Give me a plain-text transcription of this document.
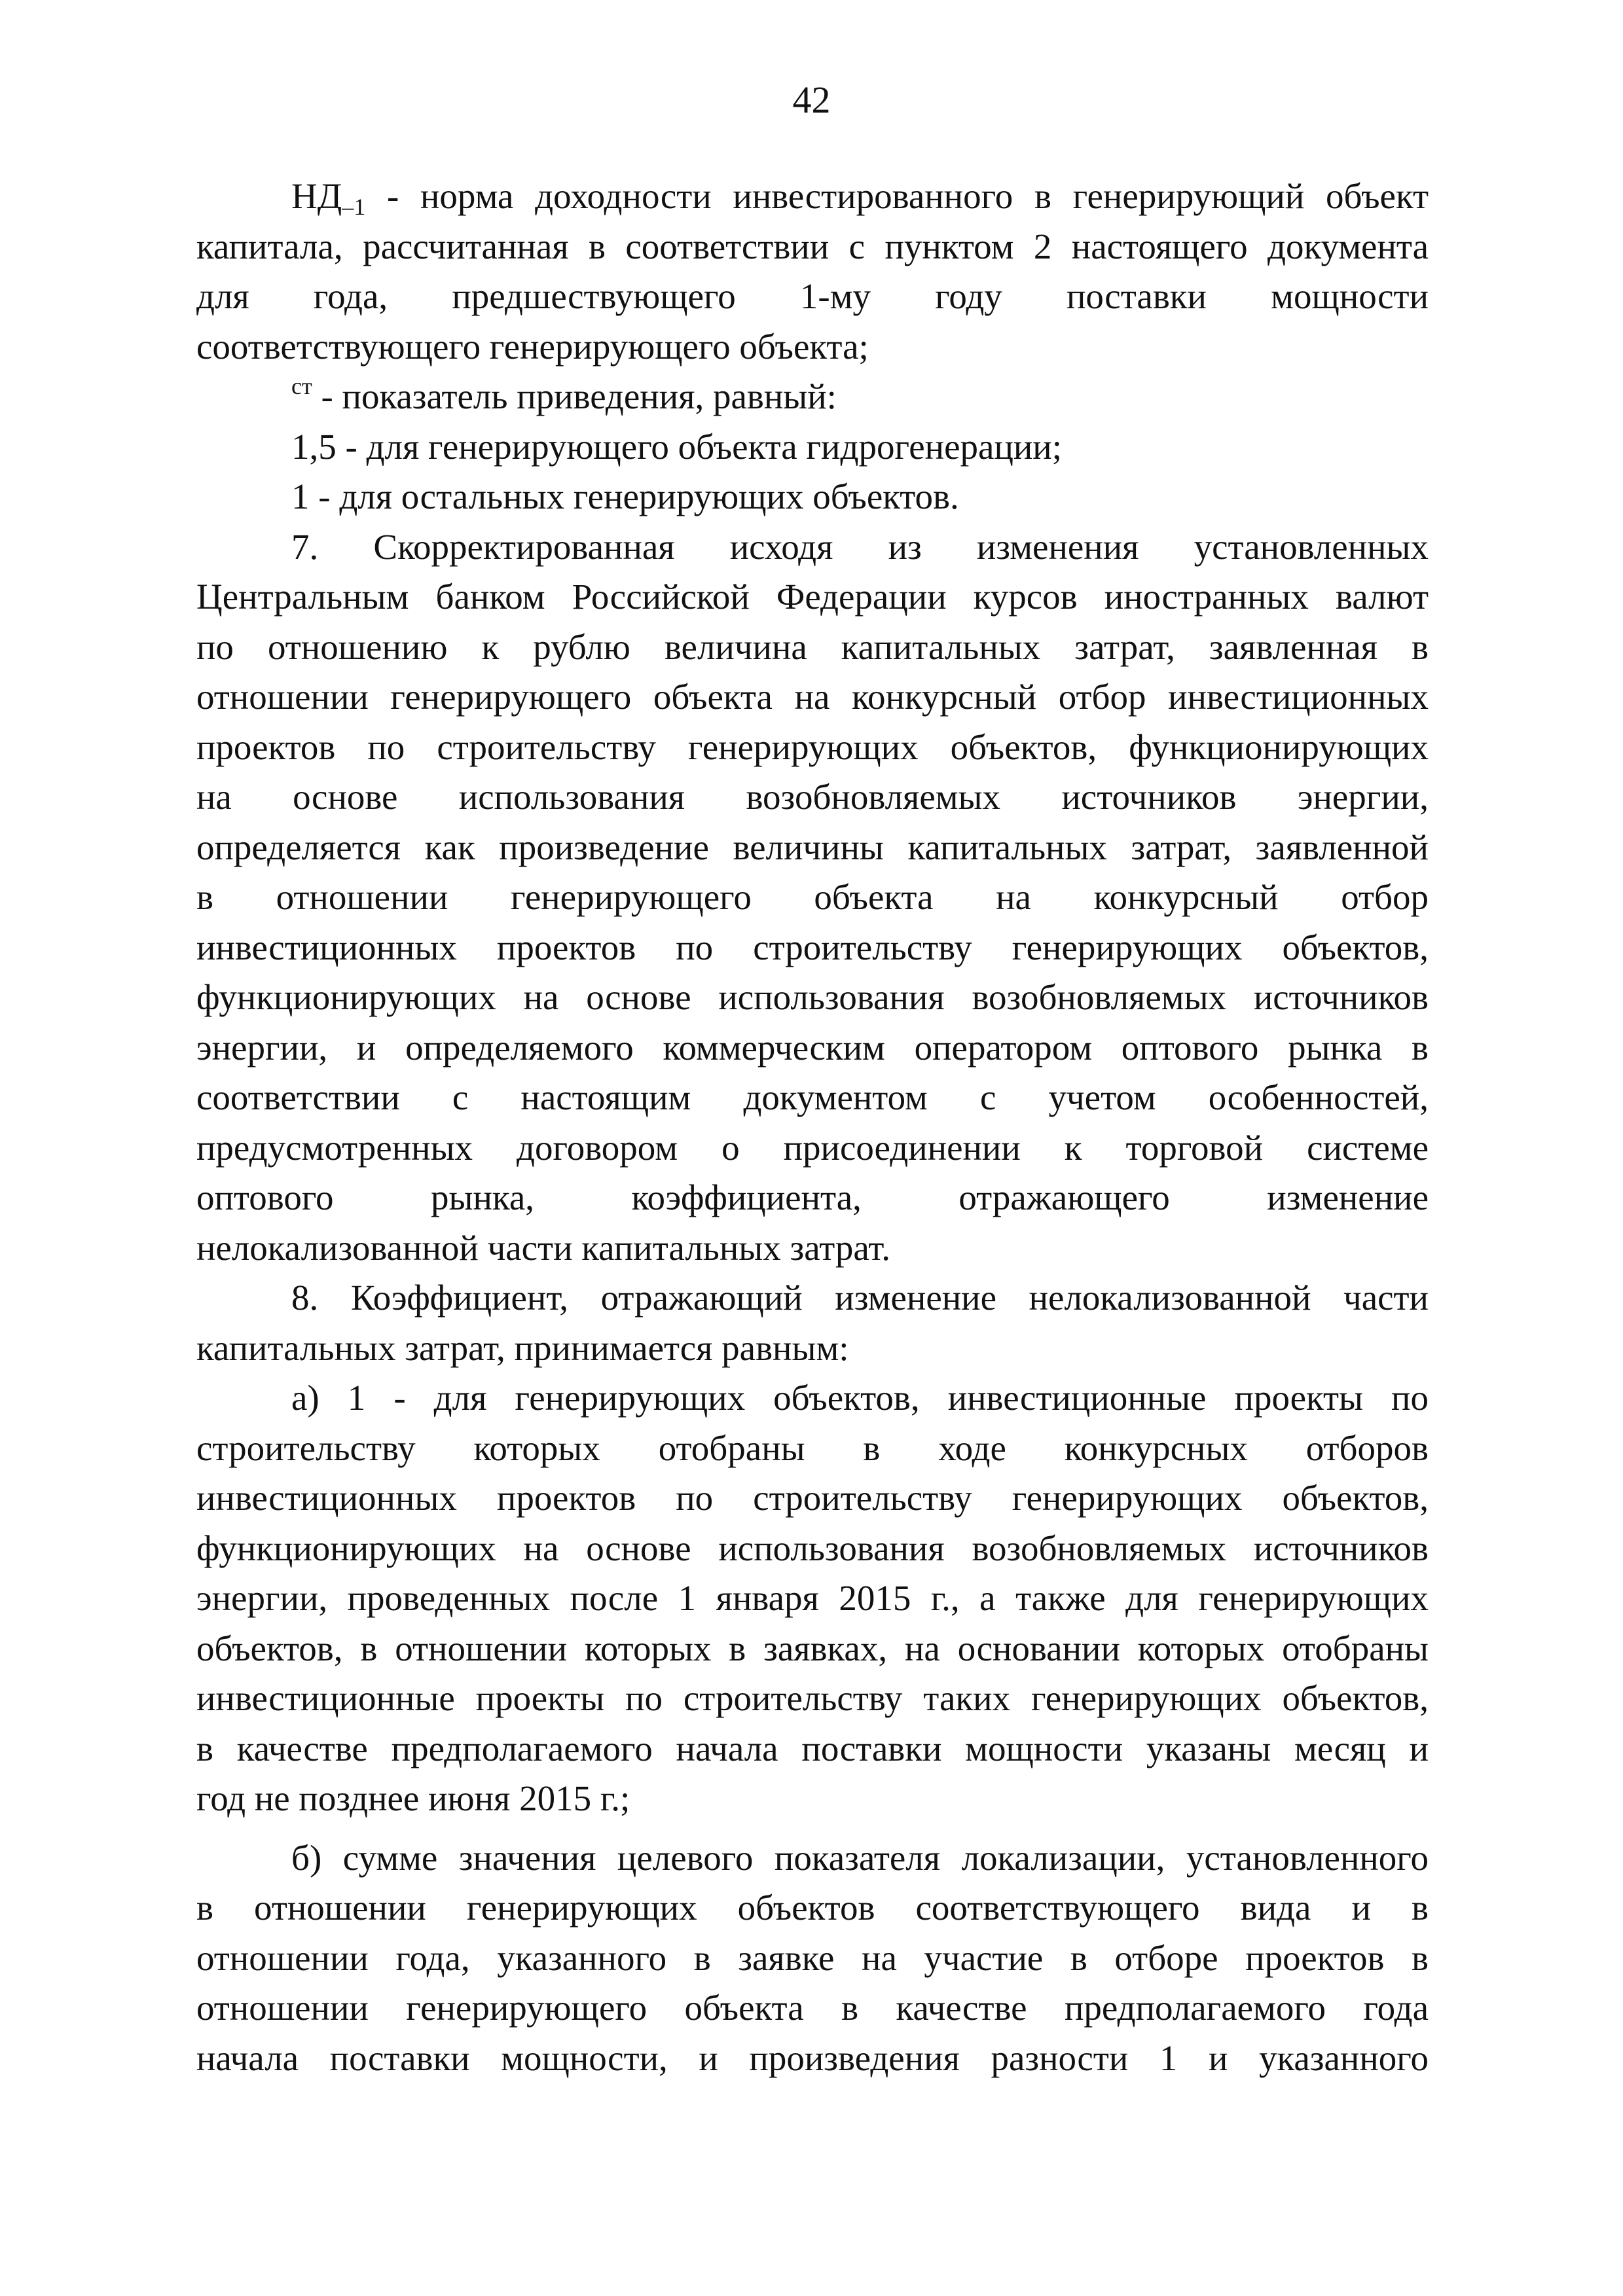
42
$НД_{-1}$ - норма доходности инвестированного в генерирующий объект
капитала, рассчитанная в соответствии с пунктом 2 настоящего документа
для года, предшествующего 1-му году поставки мощности
соответствующего генерирующего объекта;
$^{ст}$ - показатель приведения, равный:
1,5 - для генерирующего объекта гидрогенерации;
1 - для остальных генерирующих объектов.
7. Скорректированная исходя из изменения установленных
Центральным банком Российской Федерации курсов иностранных валют
по отношению к рублю величина капитальных затрат, заявленная в
отношении генерирующего объекта на конкурсный отбор инвестиционных
проектов по строительству генерирующих объектов, функционирующих
на основе использования возобновляемых источников энергии,
определяется как произведение величины капитальных затрат, заявленной
в отношении генерирующего объекта на конкурсный отбор
инвестиционных проектов по строительству генерирующих объектов,
функционирующих на основе использования возобновляемых источников
энергии, и определяемого коммерческим оператором оптового рынка в
соответствии с настоящим документом с учетом особенностей,
предусмотренных договором о присоединении к торговой системе
оптового рынка, коэффициента, отражающего изменение
нелокализованной части капитальных затрат.
8. Коэффициент, отражающий изменение нелокализованной части
капитальных затрат, принимается равным:
а) 1 - для генерирующих объектов, инвестиционные проекты по
строительству которых отобраны в ходе конкурсных отборов
инвестиционных проектов по строительству генерирующих объектов,
функционирующих на основе использования возобновляемых источников
энергии, проведенных после 1 января 2015 г., а также для генерирующих
объектов, в отношении которых в заявках, на основании которых отобраны
инвестиционные проекты по строительству таких генерирующих объектов,
в качестве предполагаемого начала поставки мощности указаны месяц и
год не позднее июня 2015 г.;
б) сумме значения целевого показателя локализации, установленного
в отношении генерирующих объектов соответствующего вида и в
отношении года, указанного в заявке на участие в отборе проектов в
отношении генерирующего объекта в качестве предполагаемого года
начала поставки мощности, и произведения разности 1 и указанного
